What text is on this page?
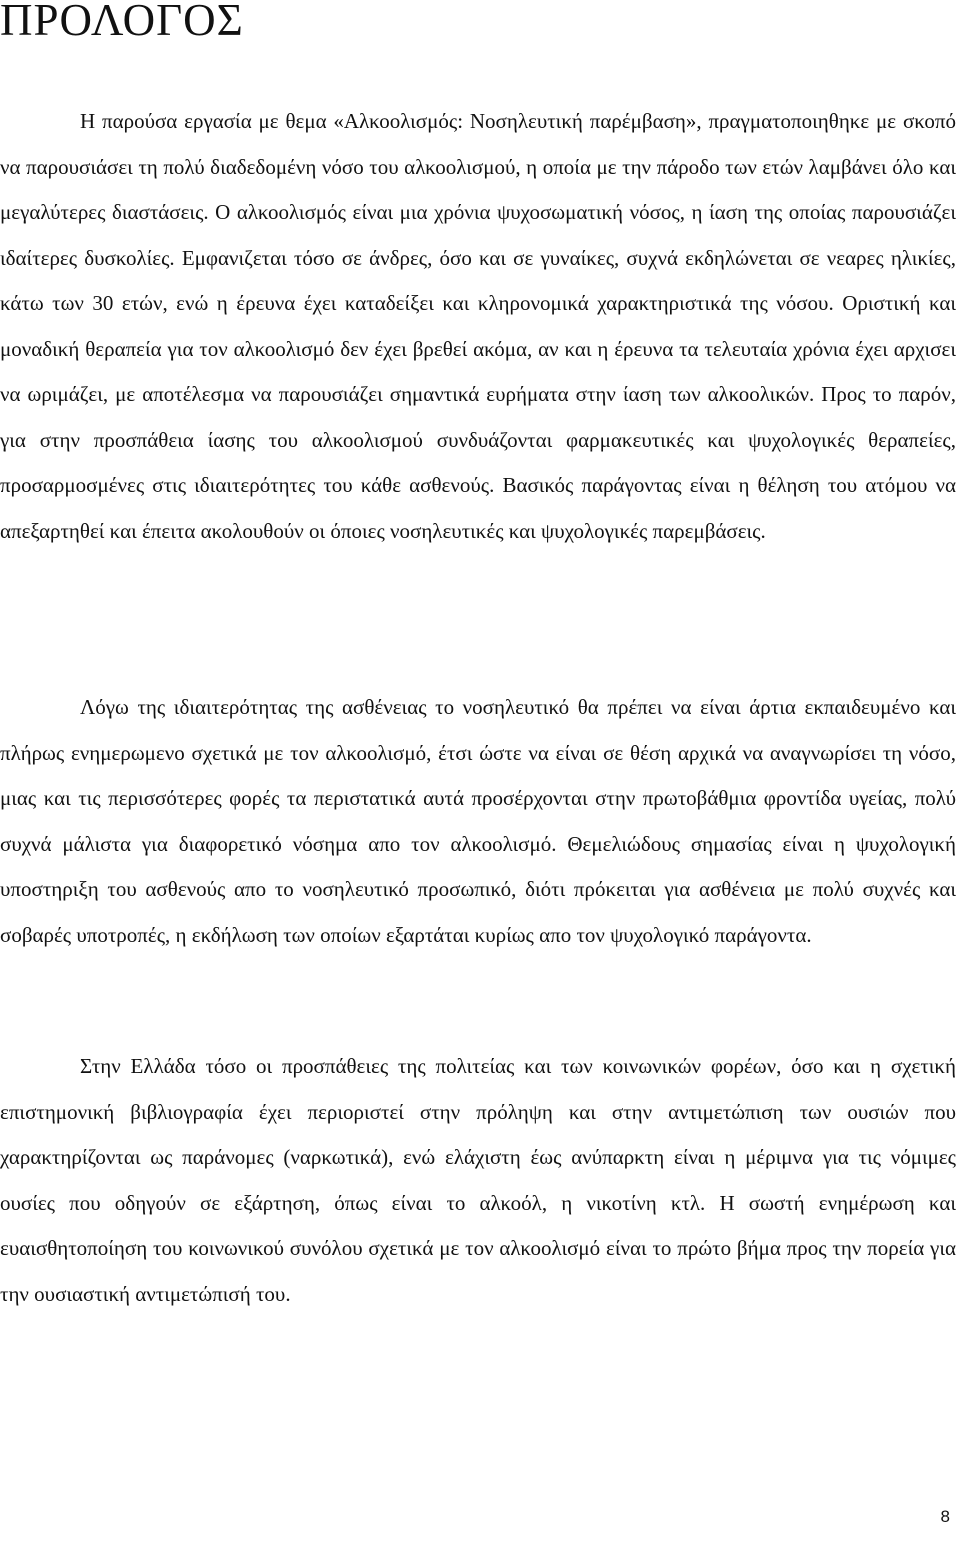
ΠΡΟΛΟΓΟΣ

Η παρούσα εργασία με θεμα «Αλκοολισμός: Νοσηλευτική παρέμβαση», πραγματοποιηθηκε με σκοπό να παρουσιάσει τη πολύ διαδεδομένη νόσο του αλκοολισμού, η οποία με την πάροδο των ετών λαμβάνει όλο και μεγαλύτερες διαστάσεις. Ο αλκοολισμός είναι μια χρόνια ψυχοσωματική νόσος, η ίαση της οποίας παρουσιάζει ιδαίτερες δυσκολίες. Εμφανιζεται τόσο σε άνδρες, όσο και σε γυναίκες, συχνά εκδηλώνεται σε νεαρες ηλικίες, κάτω των 30 ετών, ενώ η έρευνα έχει καταδείξει και κληρονομικά χαρακτηριστικά της νόσου. Οριστική και μοναδική θεραπεία για τον αλκοολισμό δεν έχει βρεθεί ακόμα, αν και η έρευνα τα τελευταία χρόνια έχει αρχισει να ωριμάζει, με αποτέλεσμα να παρουσιάζει σημαντικά ευρήματα στην ίαση των αλκοολικών. Προς το παρόν, για στην προσπάθεια ίασης του αλκοολισμού συνδυάζονται φαρμακευτικές και ψυχολογικές θεραπείες, προσαρμοσμένες στις ιδιαιτερότητες του κάθε ασθενούς. Βασικός παράγοντας είναι η θέληση του ατόμου να απεξαρτηθεί και έπειτα ακολουθούν οι όποιες νοσηλευτικές και ψυχολογικές παρεμβάσεις.

Λόγω της ιδιαιτερότητας της ασθένειας το νοσηλευτικό θα πρέπει να είναι άρτια εκπαιδευμένο και πλήρως ενημερωμενο σχετικά με τον αλκοολισμό, έτσι ώστε να είναι σε θέση αρχικά να αναγνωρίσει τη νόσο, μιας και τις περισσότερες φορές τα περιστατικά αυτά προσέρχονται στην πρωτοβάθμια φροντίδα υγείας, πολύ συχνά μάλιστα για διαφορετικό νόσημα απο τον αλκοολισμό. Θεμελιώδους σημασίας είναι η ψυχολογική υποστηριξη του ασθενούς απο το νοσηλευτικό προσωπικό, διότι πρόκειται για ασθένεια με πολύ συχνές και σοβαρές υποτροπές, η εκδήλωση των οποίων εξαρτάται κυρίως απο τον ψυχολογικό παράγοντα.

Στην Ελλάδα τόσο οι προσπάθειες της πολιτείας και των κοινωνικών φορέων, όσο και η σχετική επιστημονική βιβλιογραφία έχει περιοριστεί στην πρόληψη και στην αντιμετώπιση των ουσιών που χαρακτηρίζονται ως παράνομες (ναρκωτικά), ενώ ελάχιστη έως ανύπαρκτη είναι η μέριμνα για τις νόμιμες ουσίες που οδηγούν σε εξάρτηση, όπως είναι το αλκοόλ, η νικοτίνη κτλ. Η σωστή ενημέρωση και ευαισθητοποίηση του κοινωνικού συνόλου σχετικά με τον αλκοολισμό είναι το πρώτο βήμα προς την πορεία για την ουσιαστική αντιμετώπισή του.

8
